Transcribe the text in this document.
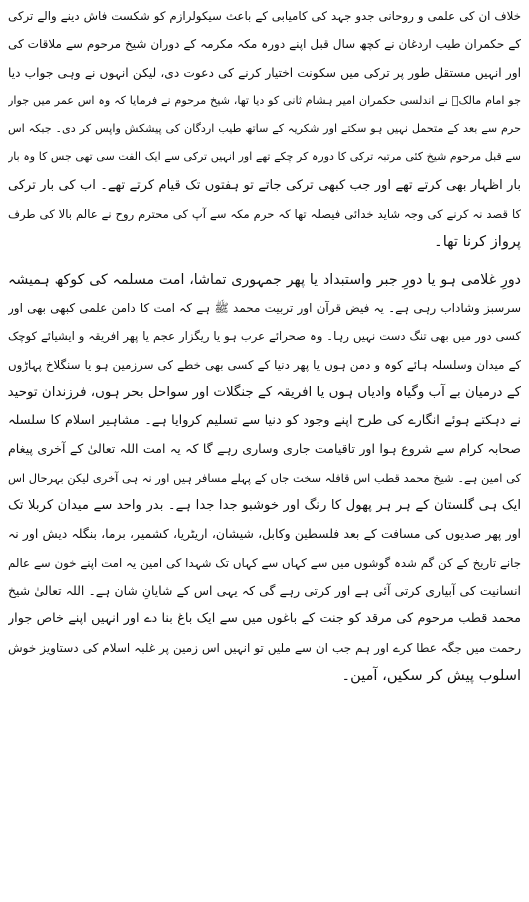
خلاف ان کی علمی و روحانی جدو جہد کی کامیابی کے باعث سیکولرازم کو شکست فاش دینے والے ترکی
کے حکمران طیب اردغان نے کچھ سال قبل اپنے دورہ مکہ مکرمہ کے دوران شیخ مرحوم سے ملاقات کی
اور انہیں مستقل طور پر ترکی میں سکونت اختیار کرنے کی دعوت دی، لیکن انہوں نے وہی جواب دیا
جو امام مالکؒ نے اندلسی حکمران امیر ہشام ثانی کو دیا تھا، شیخ مرحوم نے فرمایا کہ وہ اس عمر میں جوار
حرم سے بعد کے متحمل نہیں ہو سکتے اور شکریہ کے ساتھ طیب اردگان کی پیشکش واپس کر دی۔ جبکہ اس
سے قبل مرحوم شیخ کئی مرتبہ ترکی کا دورہ کر چکے تھے اور انہیں ترکی سے ایک الفت سی تھی جس کا وہ بار
بار اظہار بھی کرتے تھے اور جب کبھی ترکی جاتے تو ہفتوں تک قیام کرتے تھے۔ اب کی بار ترکی
کا قصد نہ کرنے کی وجہ شاید خدائی فیصلہ تھا کہ حرم مکہ سے آپ کی محترم روح نے عالم بالا کی طرف
پرواز کرنا تھا۔

دورِ غلامی ہو یا دورِ جبر واستبداد یا پھر جمہوری تماشا، امت مسلمہ کی کوکھ ہمیشہ
سرسبز وشاداب رہی ہے۔ یہ فیض قرآن اور تربیت محمد ﷺ ہے کہ امت کا دامن علمی کبھی بھی اور
کسی دور میں بھی تنگ دست نہیں رہا۔ وہ صحرائے عرب ہو یا ریگزار عجم یا پھر افریقہ و ایشیائے کوچک
کے میدان وسلسلہ ہائے کوہ و دمن ہوں یا پھر دنیا کے کسی بھی خطے کی سرزمین ہو یا سنگلاخ پہاڑوں
کے درمیان بے آب وگیاہ وادیاں ہوں یا افریقہ کے جنگلات اور سواحل بحر ہوں، فرزندان توحید
نے دہکتے ہوئے انگارے کی طرح اپنے وجود کو دنیا سے تسلیم کروایا ہے۔ مشاہیر اسلام کا سلسلہ
صحابہ کرام سے شروع ہوا اور تاقیامت جاری وساری رہے گا کہ یہ امت اللہ تعالیٰ کے آخری پیغام
کی امین ہے۔ شیخ محمد قطب اس قافلہ سخت جاں کے پہلے مسافر ہیں اور نہ ہی آخری لیکن بہرحال اس
ایک ہی گلستان کے ہر ہر پھول کا رنگ اور خوشبو جدا جدا ہے۔ بدر واحد سے میدان کربلا تک
اور پھر صدیوں کی مسافت کے بعد فلسطین وکابل، شیشان، اریٹریا، کشمیر، برما، بنگلہ دیش اور نہ
جانے تاریخ کے کن گم شدہ گوشوں میں سے کہاں سے کہاں تک شہدا کی امین یہ امت اپنے خون سے عالم
انسانیت کی آبیاری کرتی آئی ہے اور کرتی رہے گی کہ یہی اس کے شایانِ شان ہے۔ اللہ تعالیٰ شیخ
محمد قطب مرحوم کی مرقد کو جنت کے باغوں میں سے ایک باغ بنا دے اور انہیں اپنے خاص جوار
رحمت میں جگہ عطا کرے اور ہم جب ان سے ملیں تو انہیں اس زمین پر غلبہ اسلام کی دستاویز خوش
اسلوب پیش کر سکیں، آمین۔
